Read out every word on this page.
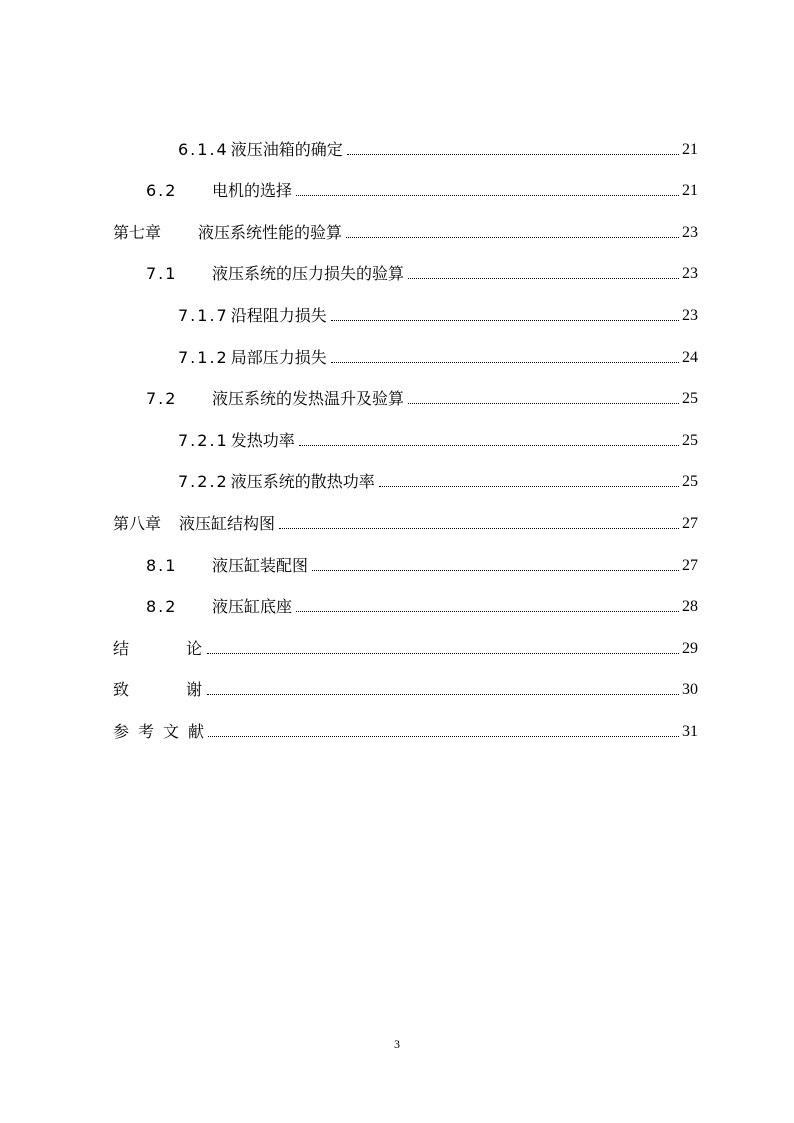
6.1.4 液压油箱的确定	21
6.2	电机的选择	21
第七章	液压系统性能的验算	23
7.1	液压系统的压力损失的验算	23
7.1.7 沿程阻力损失	23
7.1.2 局部压力损失	24
7.2	液压系统的发热温升及验算	25
7.2.1 发热功率	25
7.2.2 液压系统的散热功率	25
第八章	液压缸结构图	27
8.1	液压缸装配图	27
8.2	液压缸底座	28
结论	29
致谢	30
参考文献	31
3
